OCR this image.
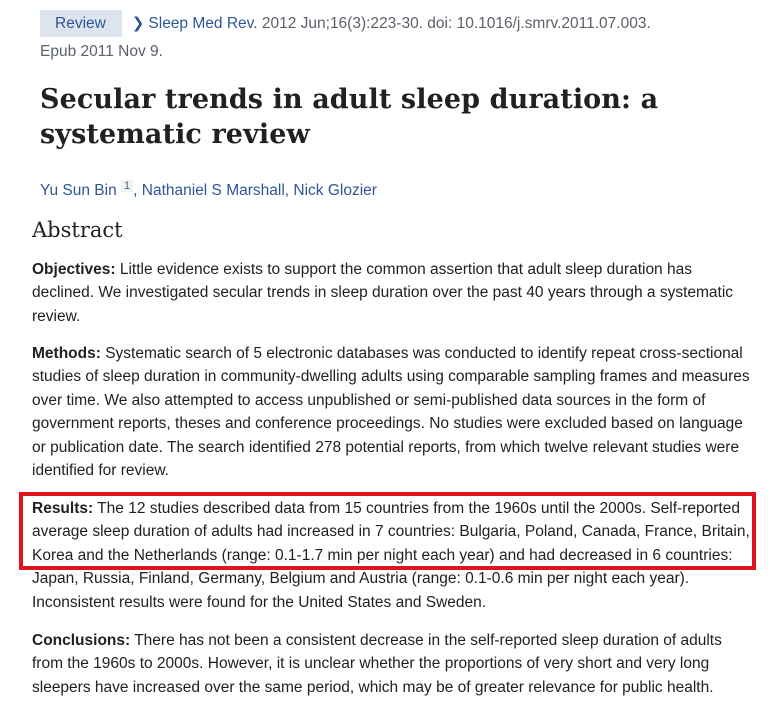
Review ❯ Sleep Med Rev. 2012 Jun;16(3):223-30. doi: 10.1016/j.smrv.2011.07.003.
Epub 2011 Nov 9.
Secular trends in adult sleep duration: a systematic review
Yu Sun Bin $^1$ , Nathaniel S Marshall, Nick Glozier
Abstract

Objectives: Little evidence exists to support the common assertion that adult sleep duration has declined. We investigated secular trends in sleep duration over the past 40 years through a systematic review.

Methods: Systematic search of 5 electronic databases was conducted to identify repeat cross-sectional studies of sleep duration in community-dwelling adults using comparable sampling frames and measures over time. We also attempted to access unpublished or semi-published data sources in the form of government reports, theses and conference proceedings. No studies were excluded based on language or publication date. The search identified 278 potential reports, from which twelve relevant studies were identified for review.

Results: The 12 studies described data from 15 countries from the 1960s until the 2000s. Self-reported average sleep duration of adults had increased in 7 countries: Bulgaria, Poland, Canada, France, Britain, Korea and the Netherlands (range: 0.1-1.7 min per night each year) and had decreased in 6 countries: Japan, Russia, Finland, Germany, Belgium and Austria (range: 0.1-0.6 min per night each year). Inconsistent results were found for the United States and Sweden.

Conclusions: There has not been a consistent decrease in the self-reported sleep duration of adults from the 1960s to 2000s. However, it is unclear whether the proportions of very short and very long sleepers have increased over the same period, which may be of greater relevance for public health.
